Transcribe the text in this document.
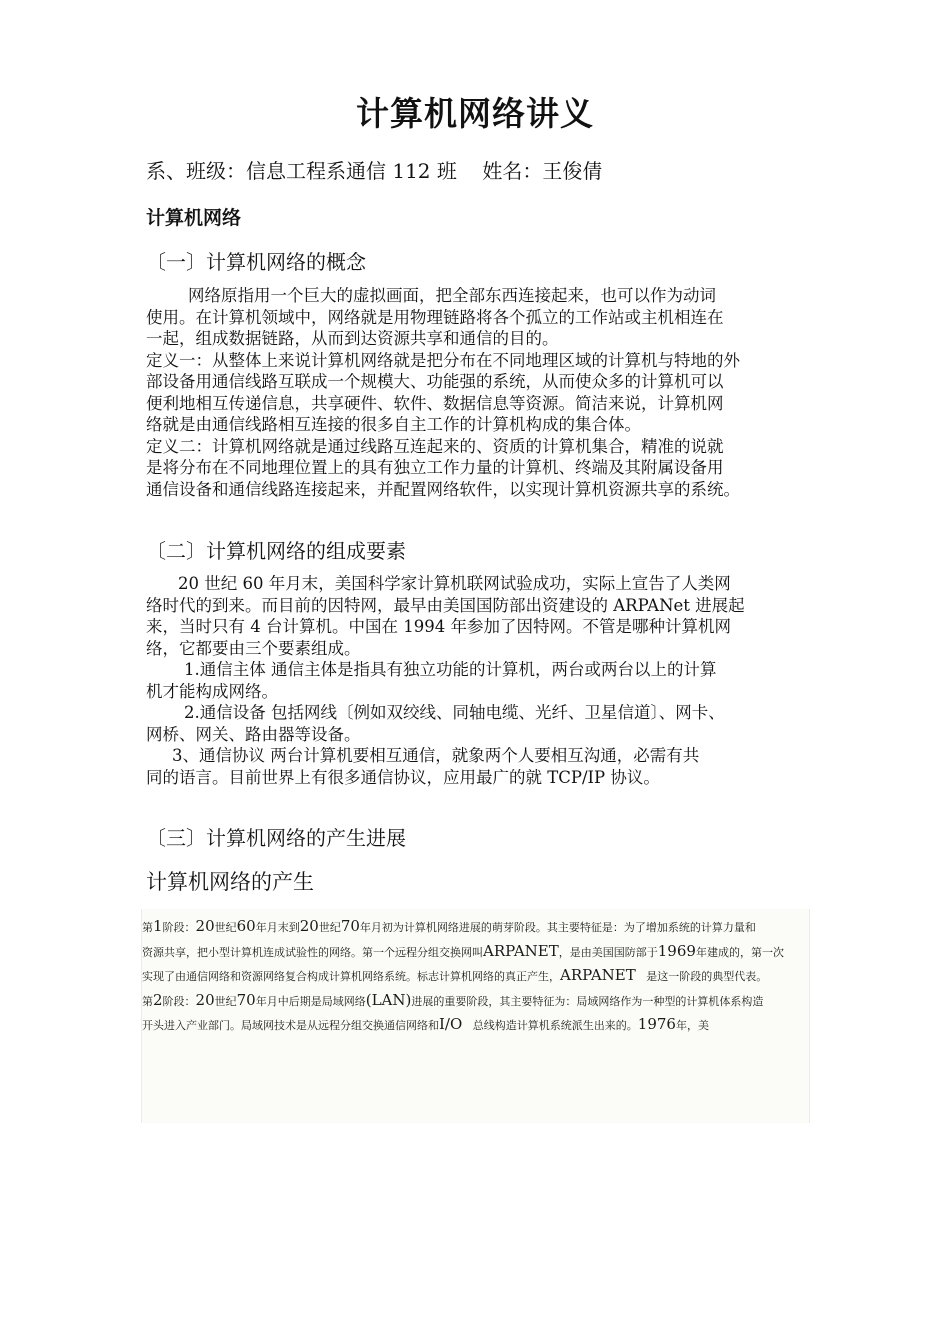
计算机网络讲义
系、班级：信息工程系通信 112 班    姓名：王俊倩
计算机网络
〔一〕计算机网络的概念

网络原指用一个巨大的虚拟画面，把全部东西连接起来，也可以作为动词

使用。在计算机领域中，网络就是用物理链路将各个孤立的工作站或主机相连在

一起，组成数据链路，从而到达资源共享和通信的目的。

定义一：从整体上来说计算机网络就是把分布在不同地理区域的计算机与特地的外

部设备用通信线路互联成一个规模大、功能强的系统，从而使众多的计算机可以

便利地相互传递信息，共享硬件、软件、数据信息等资源。简洁来说，计算机网

络就是由通信线路相互连接的很多自主工作的计算机构成的集合体。

定义二：计算机网络就是通过线路互连起来的、资质的计算机集合，精准的说就

是将分布在不同地理位置上的具有独立工作力量的计算机、终端及其附属设备用

通信设备和通信线路连接起来，并配置网络软件，以实现计算机资源共享的系统。

〔二〕计算机网络的组成要素

20 世纪 60 年月末，美国科学家计算机联网试验成功，实际上宣告了人类网

络时代的到来。而目前的因特网，最早由美国国防部出资建设的 ARPANet 进展起

来，当时只有 4 台计算机。中国在 1994 年参加了因特网。不管是哪种计算机网

络，它都要由三个要素组成。

1.通信主体 通信主体是指具有独立功能的计算机，两台或两台以上的计算

机才能构成网络。

2.通信设备 包括网线〔例如双绞线、同轴电缆、光纤、卫星信道〕、网卡、

网桥、网关、路由器等设备。

3、通信协议 两台计算机要相互通信，就象两个人要相互沟通，必需有共

同的语言。目前世界上有很多通信协议，应用最广的就 TCP/IP 协议。

〔三〕计算机网络的产生进展
计算机网络的产生
第1阶段：20世纪60年月末到20世纪70年月初为计算机网络进展的萌芽阶段。其主要特征是：为了增加系统的计算力量和
资源共享，把小型计算机连成试验性的网络。第一个远程分组交换网叫ARPANET，是由美国国防部于1969年建成的，第一次
实现了由通信网络和资源网络复合构成计算机网络系统。标志计算机网络的真正产生，ARPANET 是这一阶段的典型代表。
第2阶段：20世纪70年月中后期是局域网络(LAN)进展的重要阶段，其主要特征为：局域网络作为一种型的计算机体系构造
开头进入产业部门。局域网技术是从远程分组交换通信网络和I/O 总线构造计算机系统派生出来的。1976年，美
